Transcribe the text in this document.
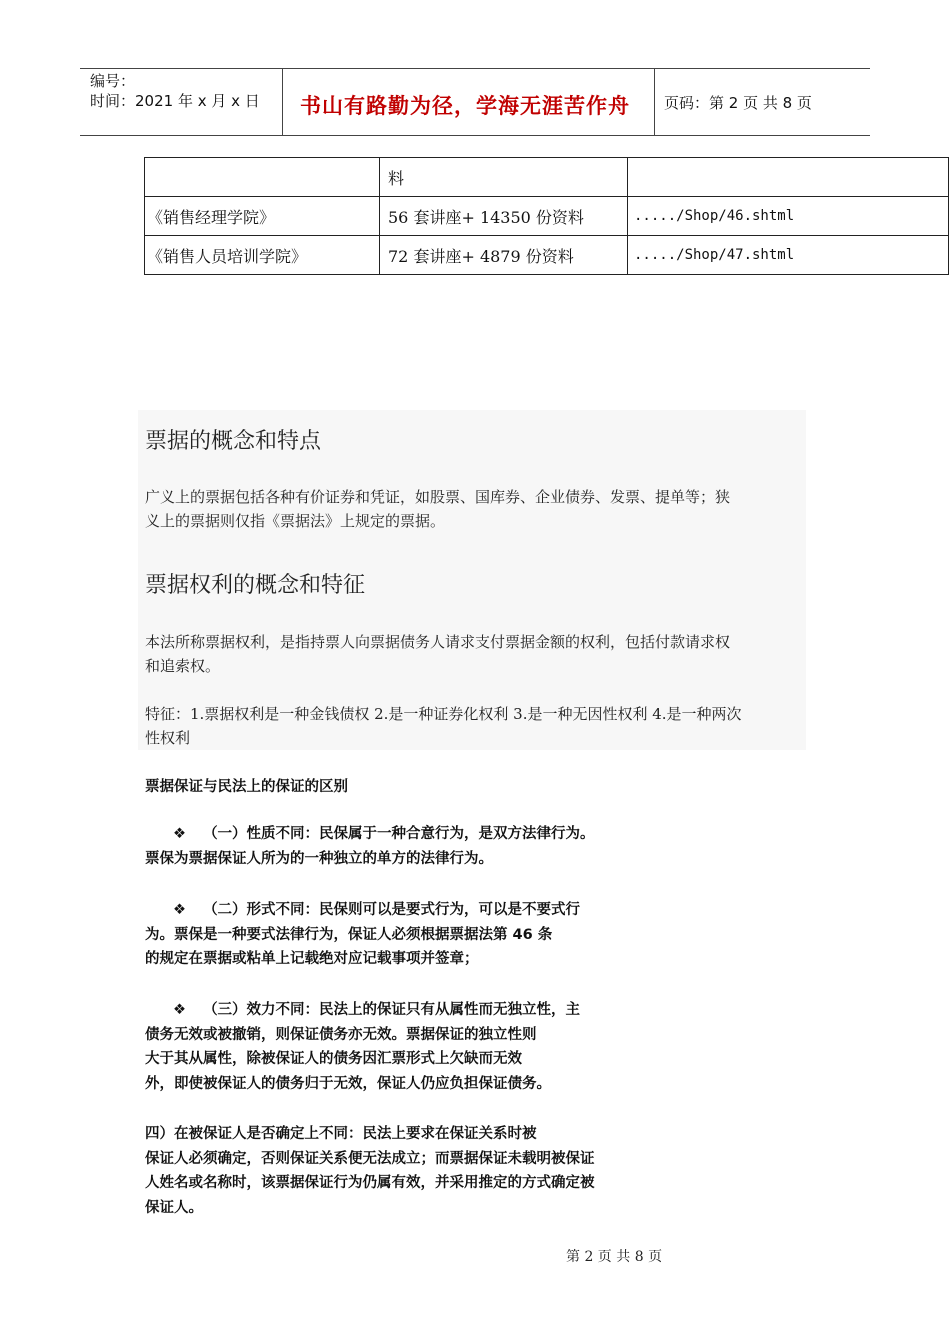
编号：
时间：2021 年 x 月 x 日 书山有路勤为径，学海无涯苦作舟 页码：第 2 页 共 8 页
	料	
《销售经理学院》	56 套讲座+ 14350 份资料	...../Shop/46.shtml
《销售人员培训学院》	72 套讲座+ 4879 份资料	...../Shop/47.shtml
票据的概念和特点
广义上的票据包括各种有价证券和凭证，如股票、国库券、企业债券、发票、提单等；狭
义上的票据则仅指《票据法》上规定的票据。
票据权利的概念和特征
本法所称票据权利，是指持票人向票据债务人请求支付票据金额的权利，包括付款请求权
和追索权。
特征：1.票据权利是一种金钱债权 2.是一种证券化权利 3.是一种无因性权利 4.是一种两次
性权利
票据保证与民法上的保证的区别
❖ （一）性质不同：民保属于一种合意行为，是双方法律行为。
票保为票据保证人所为的一种独立的单方的法律行为。
❖ （二）形式不同：民保则可以是要式行为，可以是不要式行
为。票保是一种要式法律行为，保证人必须根据票据法第 46 条
的规定在票据或粘单上记载绝对应记载事项并签章；
❖ （三）效力不同：民法上的保证只有从属性而无独立性，主
债务无效或被撤销，则保证债务亦无效。票据保证的独立性则
大于其从属性，除被保证人的债务因汇票形式上欠缺而无效
外，即使被保证人的债务归于无效，保证人仍应负担保证债务。
四）在被保证人是否确定上不同：民法上要求在保证关系时被
保证人必须确定，否则保证关系便无法成立；而票据保证未载明被保证
人姓名或名称时，该票据保证行为仍属有效，并采用推定的方式确定被
保证人。
第 2 页 共 8 页
